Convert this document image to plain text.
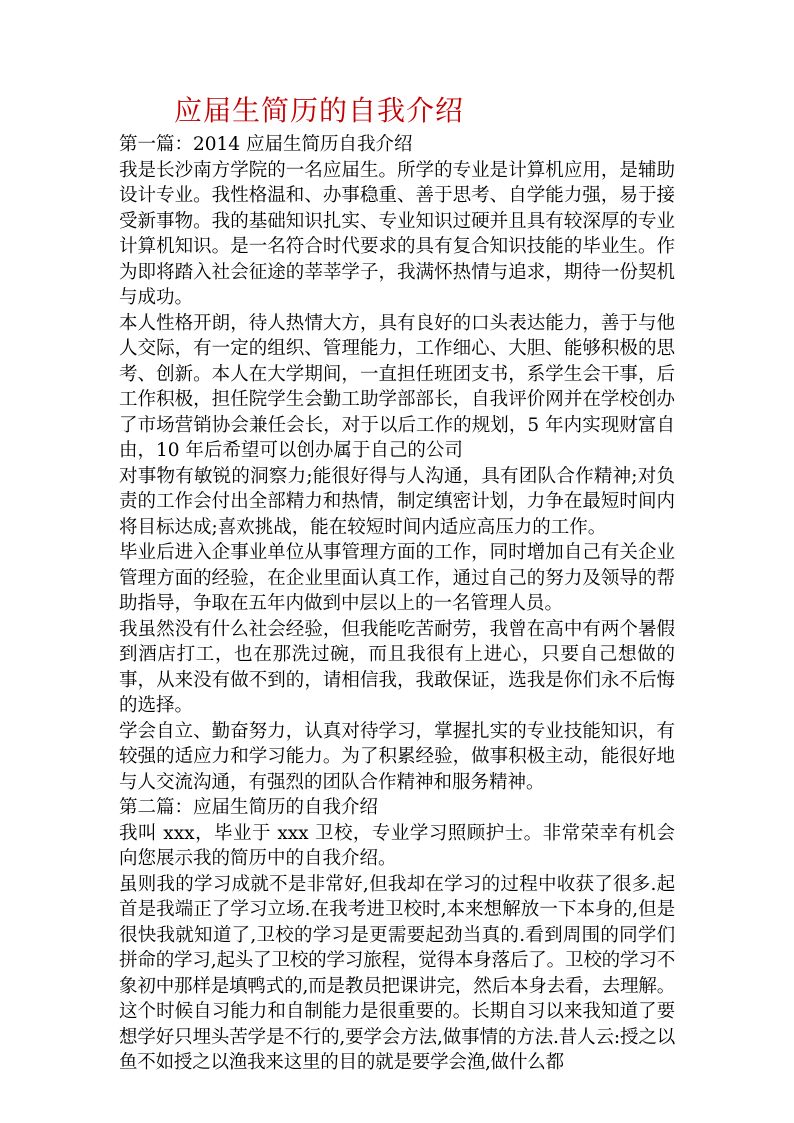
应届生简历的自我介绍
第一篇：2014 应届生简历自我介绍

我是长沙南方学院的一名应届生。所学的专业是计算机应用，是辅助设计专业。我性格温和、办事稳重、善于思考、自学能力强，易于接受新事物。我的基础知识扎实、专业知识过硬并且具有较深厚的专业计算机知识。是一名符合时代要求的具有复合知识技能的毕业生。作为即将踏入社会征途的莘莘学子，我满怀热情与追求，期待一份契机与成功。

本人性格开朗，待人热情大方，具有良好的口头表达能力，善于与他人交际，有一定的组织、管理能力，工作细心、大胆、能够积极的思考、创新。本人在大学期间，一直担任班团支书，系学生会干事，后工作积极，担任院学生会勤工助学部部长，自我评价网并在学校创办了市场营销协会兼任会长，对于以后工作的规划，5 年内实现财富自由，10 年后希望可以创办属于自己的公司

对事物有敏锐的洞察力;能很好得与人沟通，具有团队合作精神;对负责的工作会付出全部精力和热情，制定缜密计划，力争在最短时间内将目标达成;喜欢挑战，能在较短时间内适应高压力的工作。

毕业后进入企事业单位从事管理方面的工作，同时增加自己有关企业管理方面的经验，在企业里面认真工作，通过自己的努力及领导的帮助指导，争取在五年内做到中层以上的一名管理人员。

我虽然没有什么社会经验，但我能吃苦耐劳，我曾在高中有两个暑假到酒店打工，也在那洗过碗，而且我很有上进心，只要自己想做的事，从来没有做不到的，请相信我，我敢保证，选我是你们永不后悔的选择。

学会自立、勤奋努力，认真对待学习，掌握扎实的专业技能知识，有较强的适应力和学习能力。为了积累经验，做事积极主动，能很好地与人交流沟通，有强烈的团队合作精神和服务精神。

第二篇：应届生简历的自我介绍

我叫 xxx，毕业于 xxx 卫校，专业学习照顾护士。非常荣幸有机会向您展示我的简历中的自我介绍。

虽则我的学习成就不是非常好,但我却在学习的过程中收获了很多.起首是我端正了学习立场.在我考进卫校时,本来想解放一下本身的,但是很快我就知道了,卫校的学习是更需要起劲当真的.看到周围的同学们拼命的学习,起头了卫校的学习旅程，觉得本身落后了。卫校的学习不象初中那样是填鸭式的,而是教员把课讲完，然后本身去看，去理解。这个时候自习能力和自制能力是很重要的。长期自习以来我知道了要想学好只埋头苦学是不行的,要学会方法,做事情的方法.昔人云:授之以鱼不如授之以渔我来这里的目的就是要学会渔,做什么都
